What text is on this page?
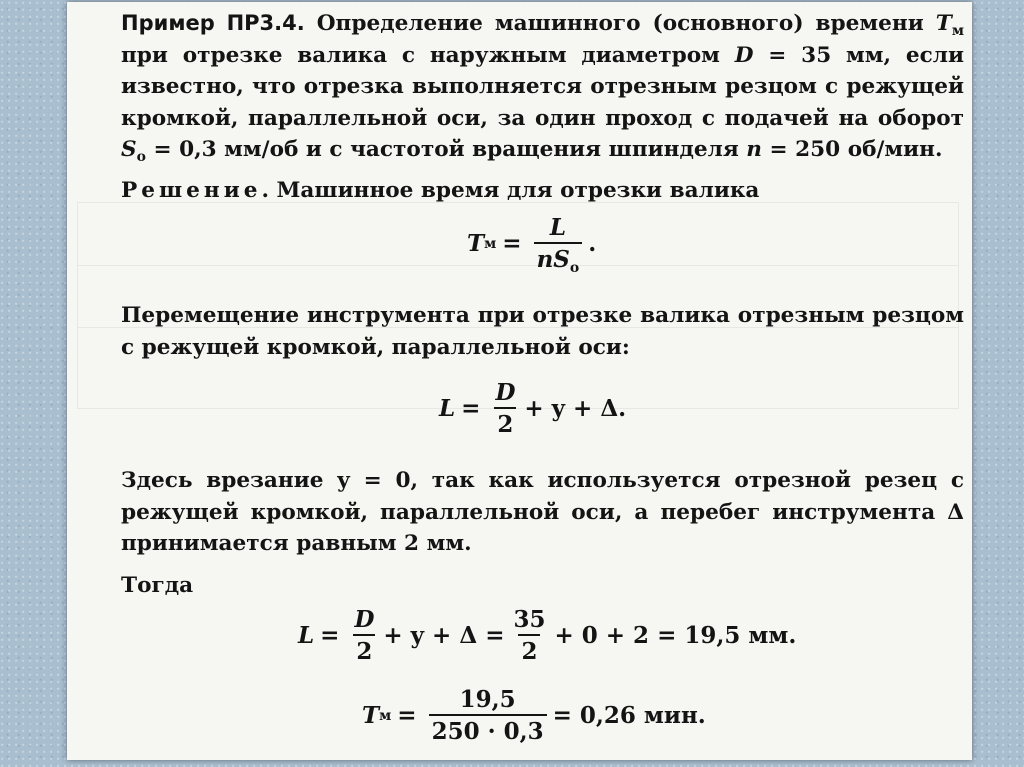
Пример ПР3.4. Определение машинного (основного) времени $T_м$ при отрезке валика с наружным диаметром D = 35 мм, если известно, что отрезка выполняется отрезным резцом с режущей кромкой, параллельной оси, за один проход с подачей на оборот $S_о = 0,3$ мм/об и с частотой вращения шпинделя n = 250 об/мин.

Решение. Машинное время для отрезки валика

T $м = \frac{L}{nS_о}$ .

Перемещение инструмента при отрезке валика отрезным резцом с режущей кромкой, параллельной оси:

$L = \frac{D}{2} + y + \Delta$.

Здесь врезание y = 0, так как используется отрезной резец с режущей кромкой, параллельной оси, а перебег инструмента Δ принимается равным 2 мм.

Тогда

$L = \frac{D}{2} + y + \Delta = \frac{35}{2} + 0 + 2 = 19,5$ мм.
T $м = \frac{19,5}{250 \cdot 0,3} = 0,26$ мин.
